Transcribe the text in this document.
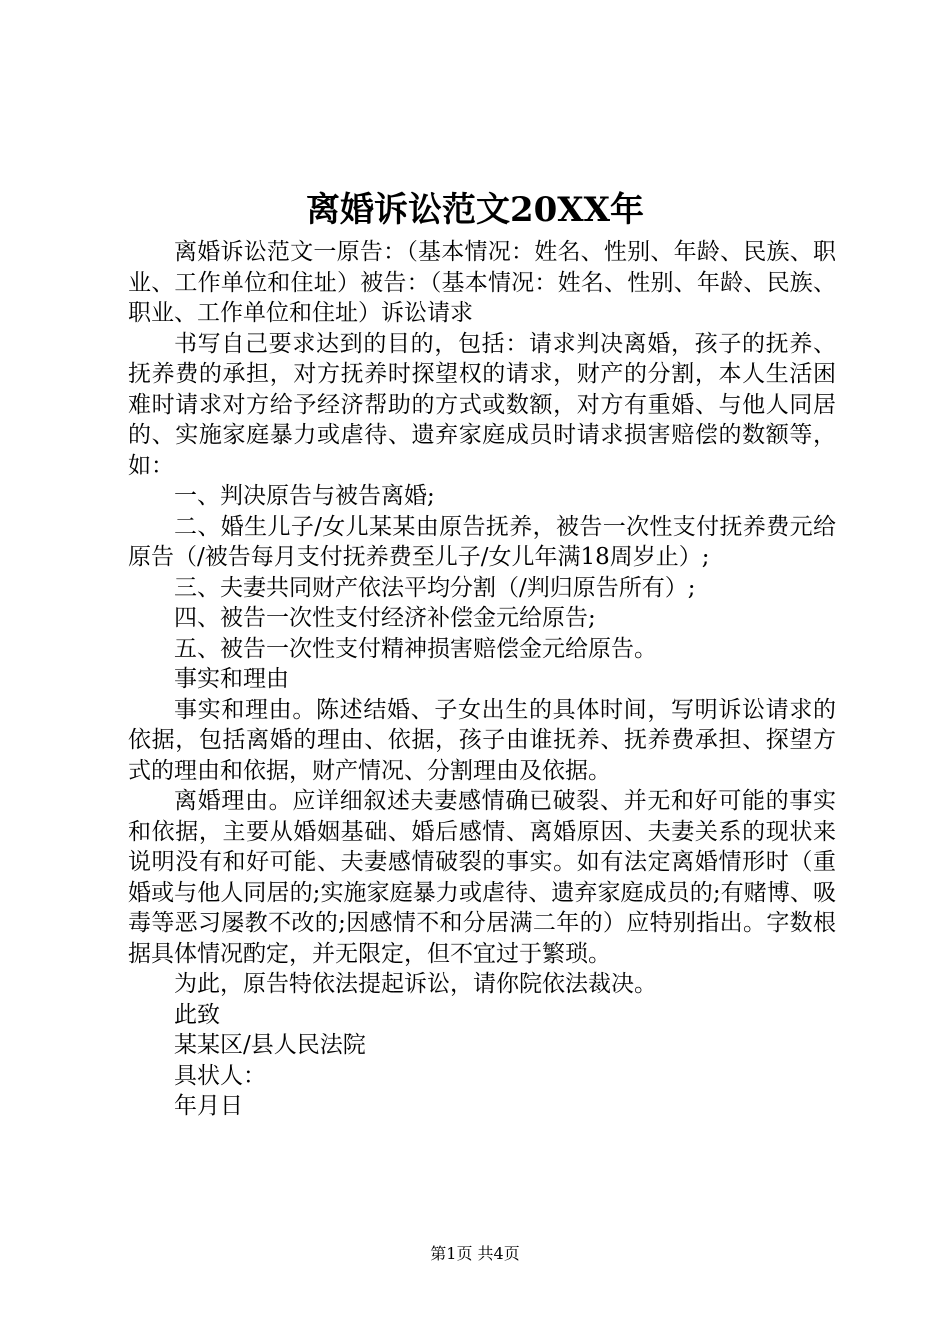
离婚诉讼范文20XX年

离婚诉讼范文一原告：（基本情况：姓名、性别、年龄、民族、职业、工作单位和住址）被告：（基本情况：姓名、性别、年龄、民族、职业、工作单位和住址）诉讼请求

书写自己要求达到的目的，包括：请求判决离婚，孩子的抚养、抚养费的承担，对方抚养时探望权的请求，财产的分割，本人生活困难时请求对方给予经济帮助的方式或数额，对方有重婚、与他人同居的、实施家庭暴力或虐待、遗弃家庭成员时请求损害赔偿的数额等，如：

一、判决原告与被告离婚;

二、婚生儿子/女儿某某由原告抚养，被告一次性支付抚养费元给原告（/被告每月支付抚养费至儿子/女儿年满18周岁止）;

三、夫妻共同财产依法平均分割（/判归原告所有）;

四、被告一次性支付经济补偿金元给原告;

五、被告一次性支付精神损害赔偿金元给原告。

事实和理由

事实和理由。陈述结婚、子女出生的具体时间，写明诉讼请求的依据，包括离婚的理由、依据，孩子由谁抚养、抚养费承担、探望方式的理由和依据，财产情况、分割理由及依据。

离婚理由。应详细叙述夫妻感情确已破裂、并无和好可能的事实和依据，主要从婚姻基础、婚后感情、离婚原因、夫妻关系的现状来说明没有和好可能、夫妻感情破裂的事实。如有法定离婚情形时（重婚或与他人同居的;实施家庭暴力或虐待、遗弃家庭成员的;有赌博、吸毒等恶习屡教不改的;因感情不和分居满二年的）应特别指出。字数根据具体情况酌定，并无限定，但不宜过于繁琐。

为此，原告特依法提起诉讼，请你院依法裁决。

此致

某某区/县人民法院

具状人：

年月日

第1页 共4页
